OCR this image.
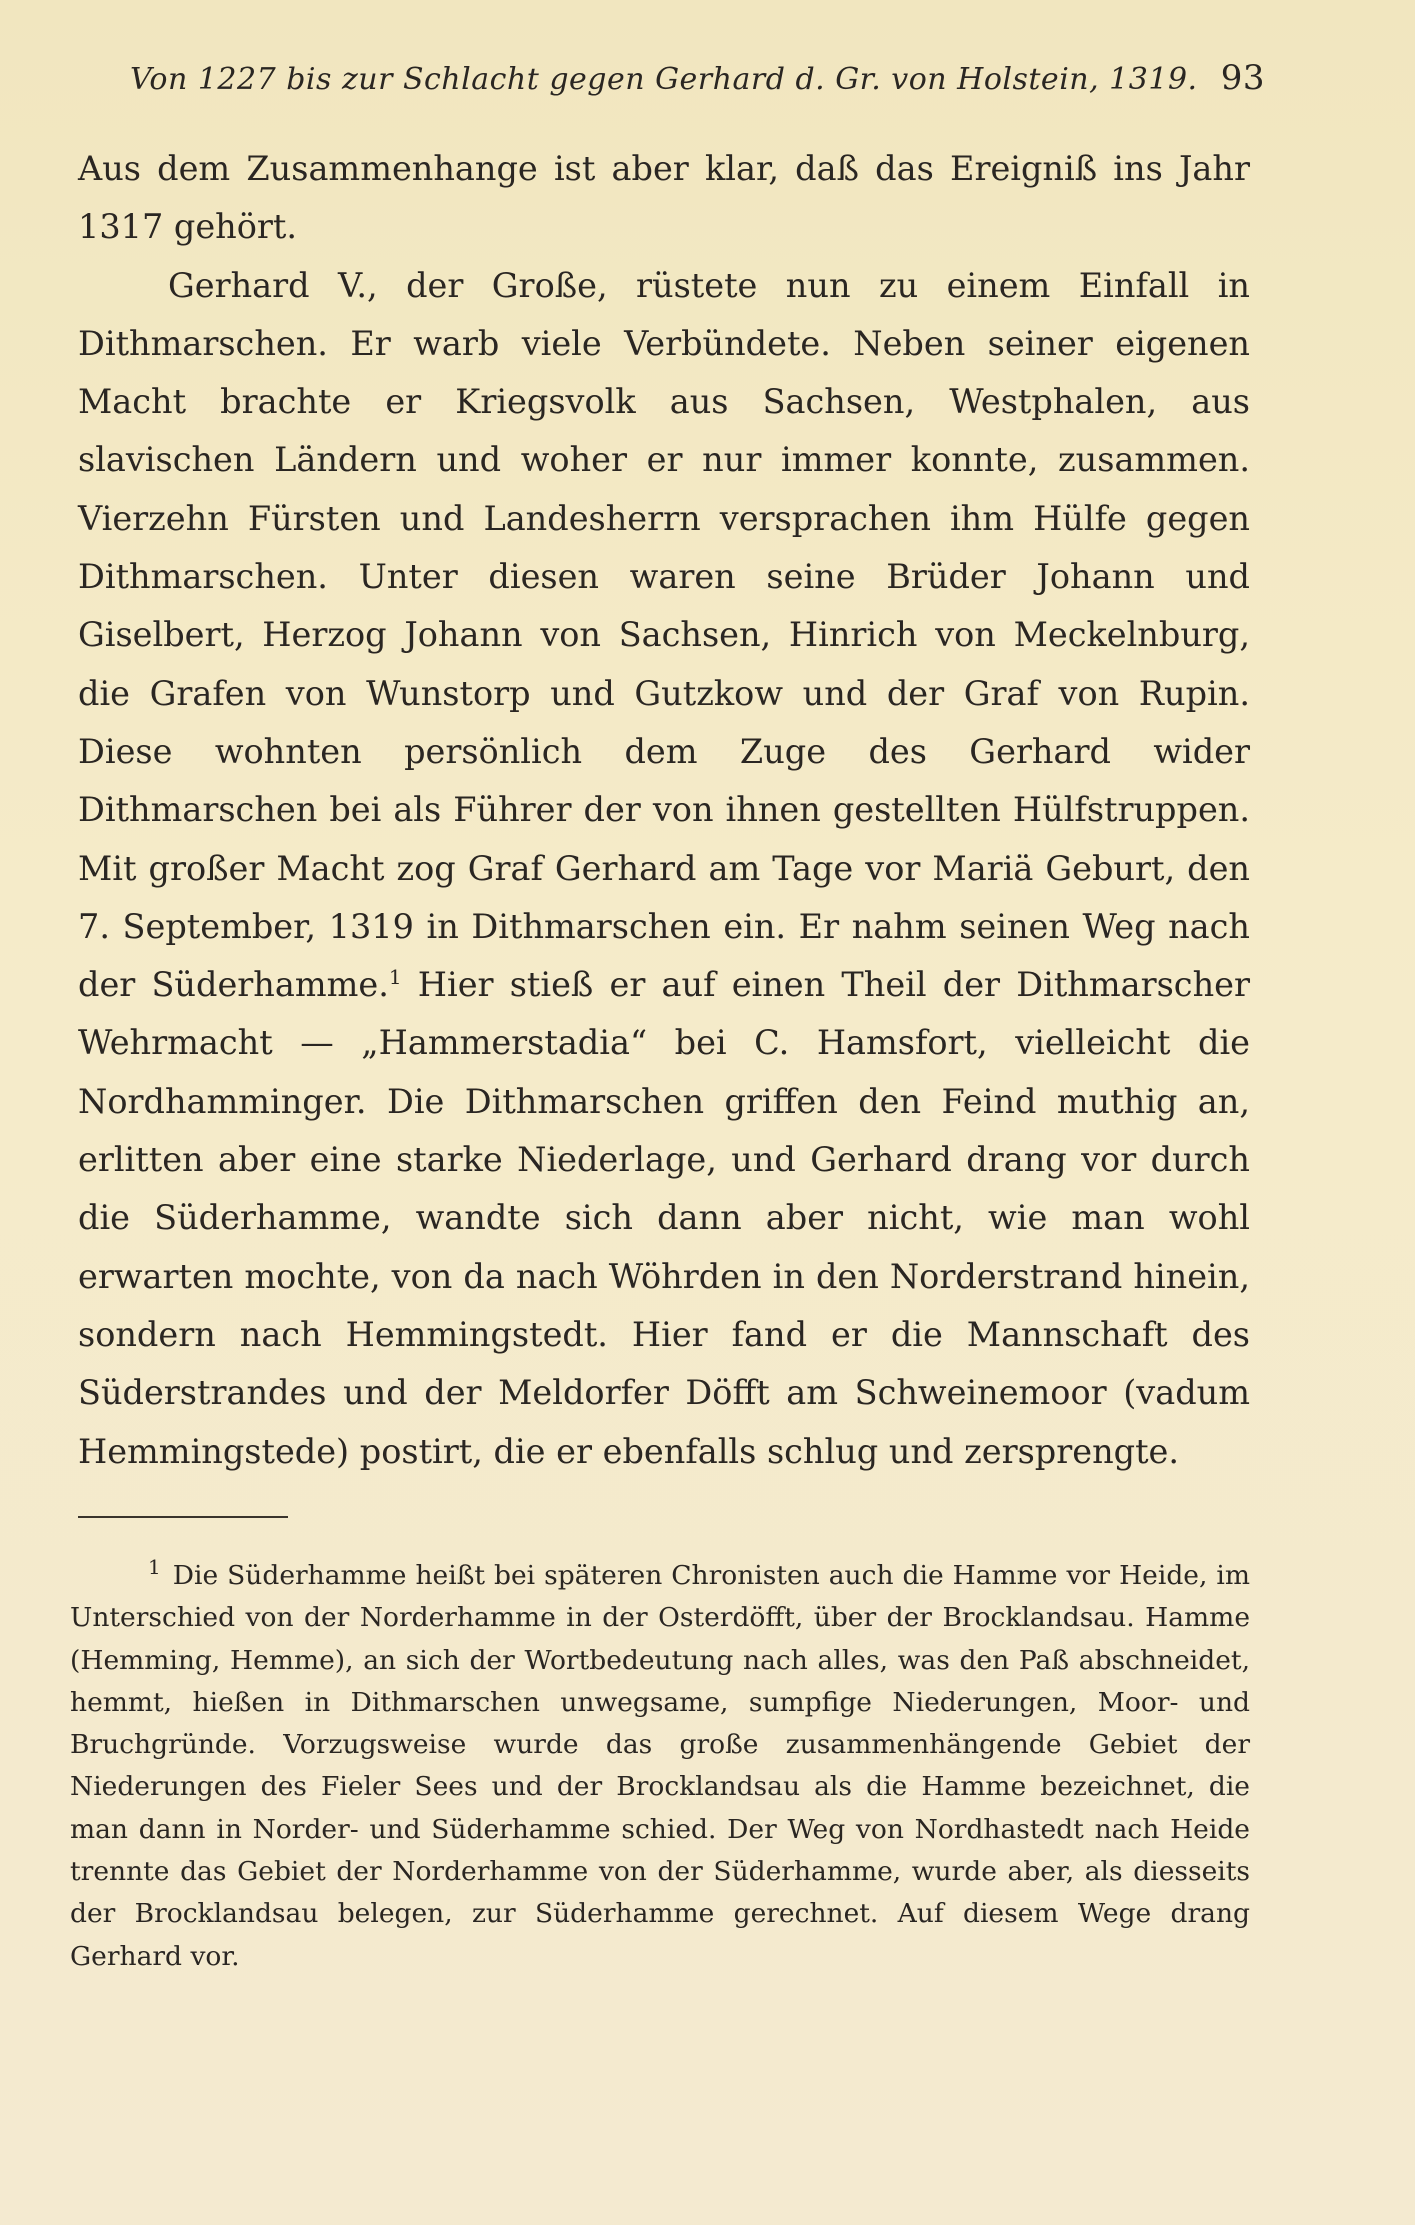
Von 1227 bis zur Schlacht gegen Gerhard d. Gr. von Holstein, 1319. 93

Aus dem Zusammenhange ist aber klar, daß das Ereigniß ins Jahr 1317 gehört.

Gerhard V., der Große, rüstete nun zu einem Einfall in Dithmarschen. Er warb viele Verbündete. Neben seiner eigenen Macht brachte er Kriegsvolk aus Sachsen, Westphalen, aus slavischen Ländern und woher er nur immer konnte, zusammen. Vierzehn Fürsten und Landesherrn versprachen ihm Hülfe gegen Dithmarschen. Unter diesen waren seine Brüder Johann und Giselbert, Herzog Johann von Sachsen, Hinrich von Meckelnburg, die Grafen von Wunstorp und Gutzkow und der Graf von Rupin. Diese wohnten persönlich dem Zuge des Gerhard wider Dithmarschen bei als Führer der von ihnen gestellten Hülfstruppen. Mit großer Macht zog Graf Gerhard am Tage vor Mariä Geburt, den 7. September, 1319 in Dithmarschen ein. Er nahm seinen Weg nach der Süderhamme.$^1$ Hier stieß er auf einen Theil der Dithmarscher Wehrmacht — „Hammerstadia“ bei C. Hamsfort, vielleicht die Nordhamminger. Die Dithmarschen griffen den Feind muthig an, erlitten aber eine starke Niederlage, und Gerhard drang vor durch die Süderhamme, wandte sich dann aber nicht, wie man wohl erwarten mochte, von da nach Wöhrden in den Norderstrand hinein, sondern nach Hemmingstedt. Hier fand er die Mannschaft des Süderstrandes und der Meldorfer Döfft am Schweinemoor (vadum Hemmingstede) postirt, die er ebenfalls schlug und zersprengte.

$^1$ Die Süderhamme heißt bei späteren Chronisten auch die Hamme vor Heide, im Unterschied von der Norderhamme in der Osterdöfft, über der Brocklandsau. Hamme (Hemming, Hemme), an sich der Wortbedeutung nach alles, was den Paß abschneidet, hemmt, hießen in Dithmarschen unwegsame, sumpfige Niederungen, Moor- und Bruchgründe. Vorzugsweise wurde das große zusammenhängende Gebiet der Niederungen des Fieler Sees und der Brocklandsau als die Hamme bezeichnet, die man dann in Norder- und Süderhamme schied. Der Weg von Nordhastedt nach Heide trennte das Gebiet der Norderhamme von der Süderhamme, wurde aber, als diesseits der Brocklandsau belegen, zur Süderhamme gerechnet. Auf diesem Wege drang Gerhard vor.
